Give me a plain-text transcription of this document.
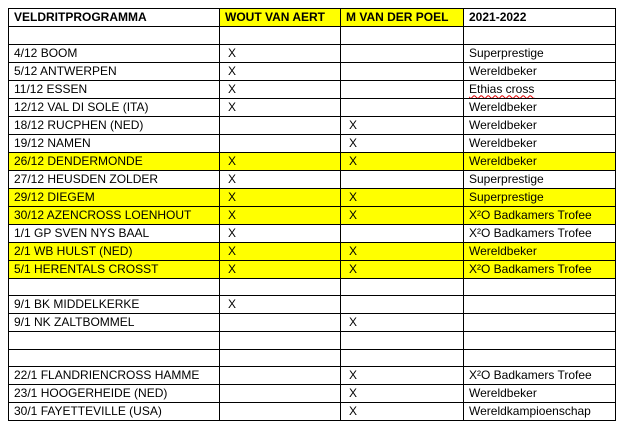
VELDRITPROGRAMMA	WOUT VAN AERT	M VAN DER POEL	2021-2022

4/12 BOOM	X		Superprestige
5/12 ANTWERPEN	X		Wereldbeker
11/12 ESSEN	X		Ethias cross
12/12 VAL DI SOLE (ITA)	X		Wereldbeker
18/12 RUCPHEN (NED)		X	Wereldbeker
19/12 NAMEN		X	Wereldbeker
26/12 DENDERMONDE	X	X	Wereldbeker
27/12 HEUSDEN ZOLDER	X		Superprestige
29/12 DIEGEM	X	X	Superprestige
30/12 AZENCROSS LOENHOUT	X	X	X²O Badkamers Trofee
1/1 GP SVEN NYS BAAL	X		X²O Badkamers Trofee
2/1 WB HULST (NED)	X	X	Wereldbeker
5/1 HERENTALS CROSST	X	X	X²O Badkamers Trofee

9/1 BK MIDDELKERKE	X		
9/1 NK ZALTBOMMEL		X	

22/1 FLANDRIENCROSS HAMME		X	X²O Badkamers Trofee
23/1 HOOGERHEIDE (NED)		X	Wereldbeker
30/1 FAYETTEVILLE (USA)		X	Wereldkampioenschap
